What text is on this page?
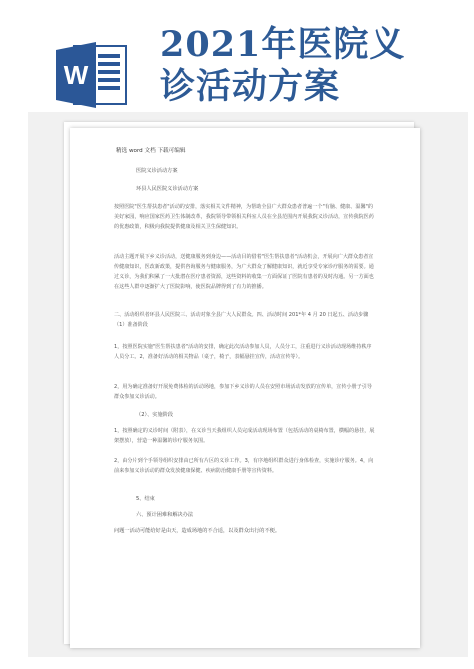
W
2021年医院义
诊活动方案
精选 word 文档 下载可编辑
医院义诊活动方案
环县人民医院义诊活动方案
按照医院"医生帮扶患者"活动的安排，落实相关文件精神，为帮助全县广大群众患者普遍一个"有脑、健康、温馨"的美好家园，响应国家医药卫生体制改革，我院领导带领相关科室人员在全县范围内开展我院义诊活动，宣传我院医药的优惠政策，积极向我院提供健康及相关卫生保健知识。
活动主题开展下乡义诊活动，送健康服务到身边——活动目的借着"医生帮扶患者"活动机会，开展向广大群众患者宣传健康知识，医改新政策，提供咨询服务与健康服务，为广大群众了解健康知识，就近享受专家诊疗服务的需要。通过义诊，为我们积累了一大批潜在医疗患者资源，这些资料的收集一方面保证了医院有患者的及时沟通。另一方面也在这些人群中逐渐扩大了医院影响，使医院品牌得到了有力的推播。
二、活动组织者环县人民医院三、活动对象全县广大人民群众。四、活动时间 201*年 4 月 20 日起五、活动步骤（1）准备阶段
1，按照医院实施"医生帮扶患者"活动的安排，确定此次活动参加人员，人员分工，注重进行义诊活动现场维持秩序人员分工。2，准备好活动的相关物品（桌子，椅子，表幅悬挂宣传，活动宣传等）。
2，用为确定准备好开展免费体检的活动场地，参加下乡义诊的人员在安照市场活动发放的宣传单，宣传小册子引导群众参加义诊活动。
（2）、实施阶段
1，按照确定的义诊时间（附表），在义诊当天我组织人员完成活动现场布置（包括活动的桌椅布置，横幅的悬挂，展架摆放），营造一种温馨的诊疗服务氛围。
2，由分片到个手领导组织安排由已所有片区的义诊工作。3，有序地组织群众进行身体检查，实施诊疗服务。4，向前来参加义诊活动的群众发放健康保健、疾病防治健康手册等宣传资料。
5、结束
六、预计困难和解决办法
问题一活动可能给好是由天，造成场地的不合适，以及群众出行的不便。
